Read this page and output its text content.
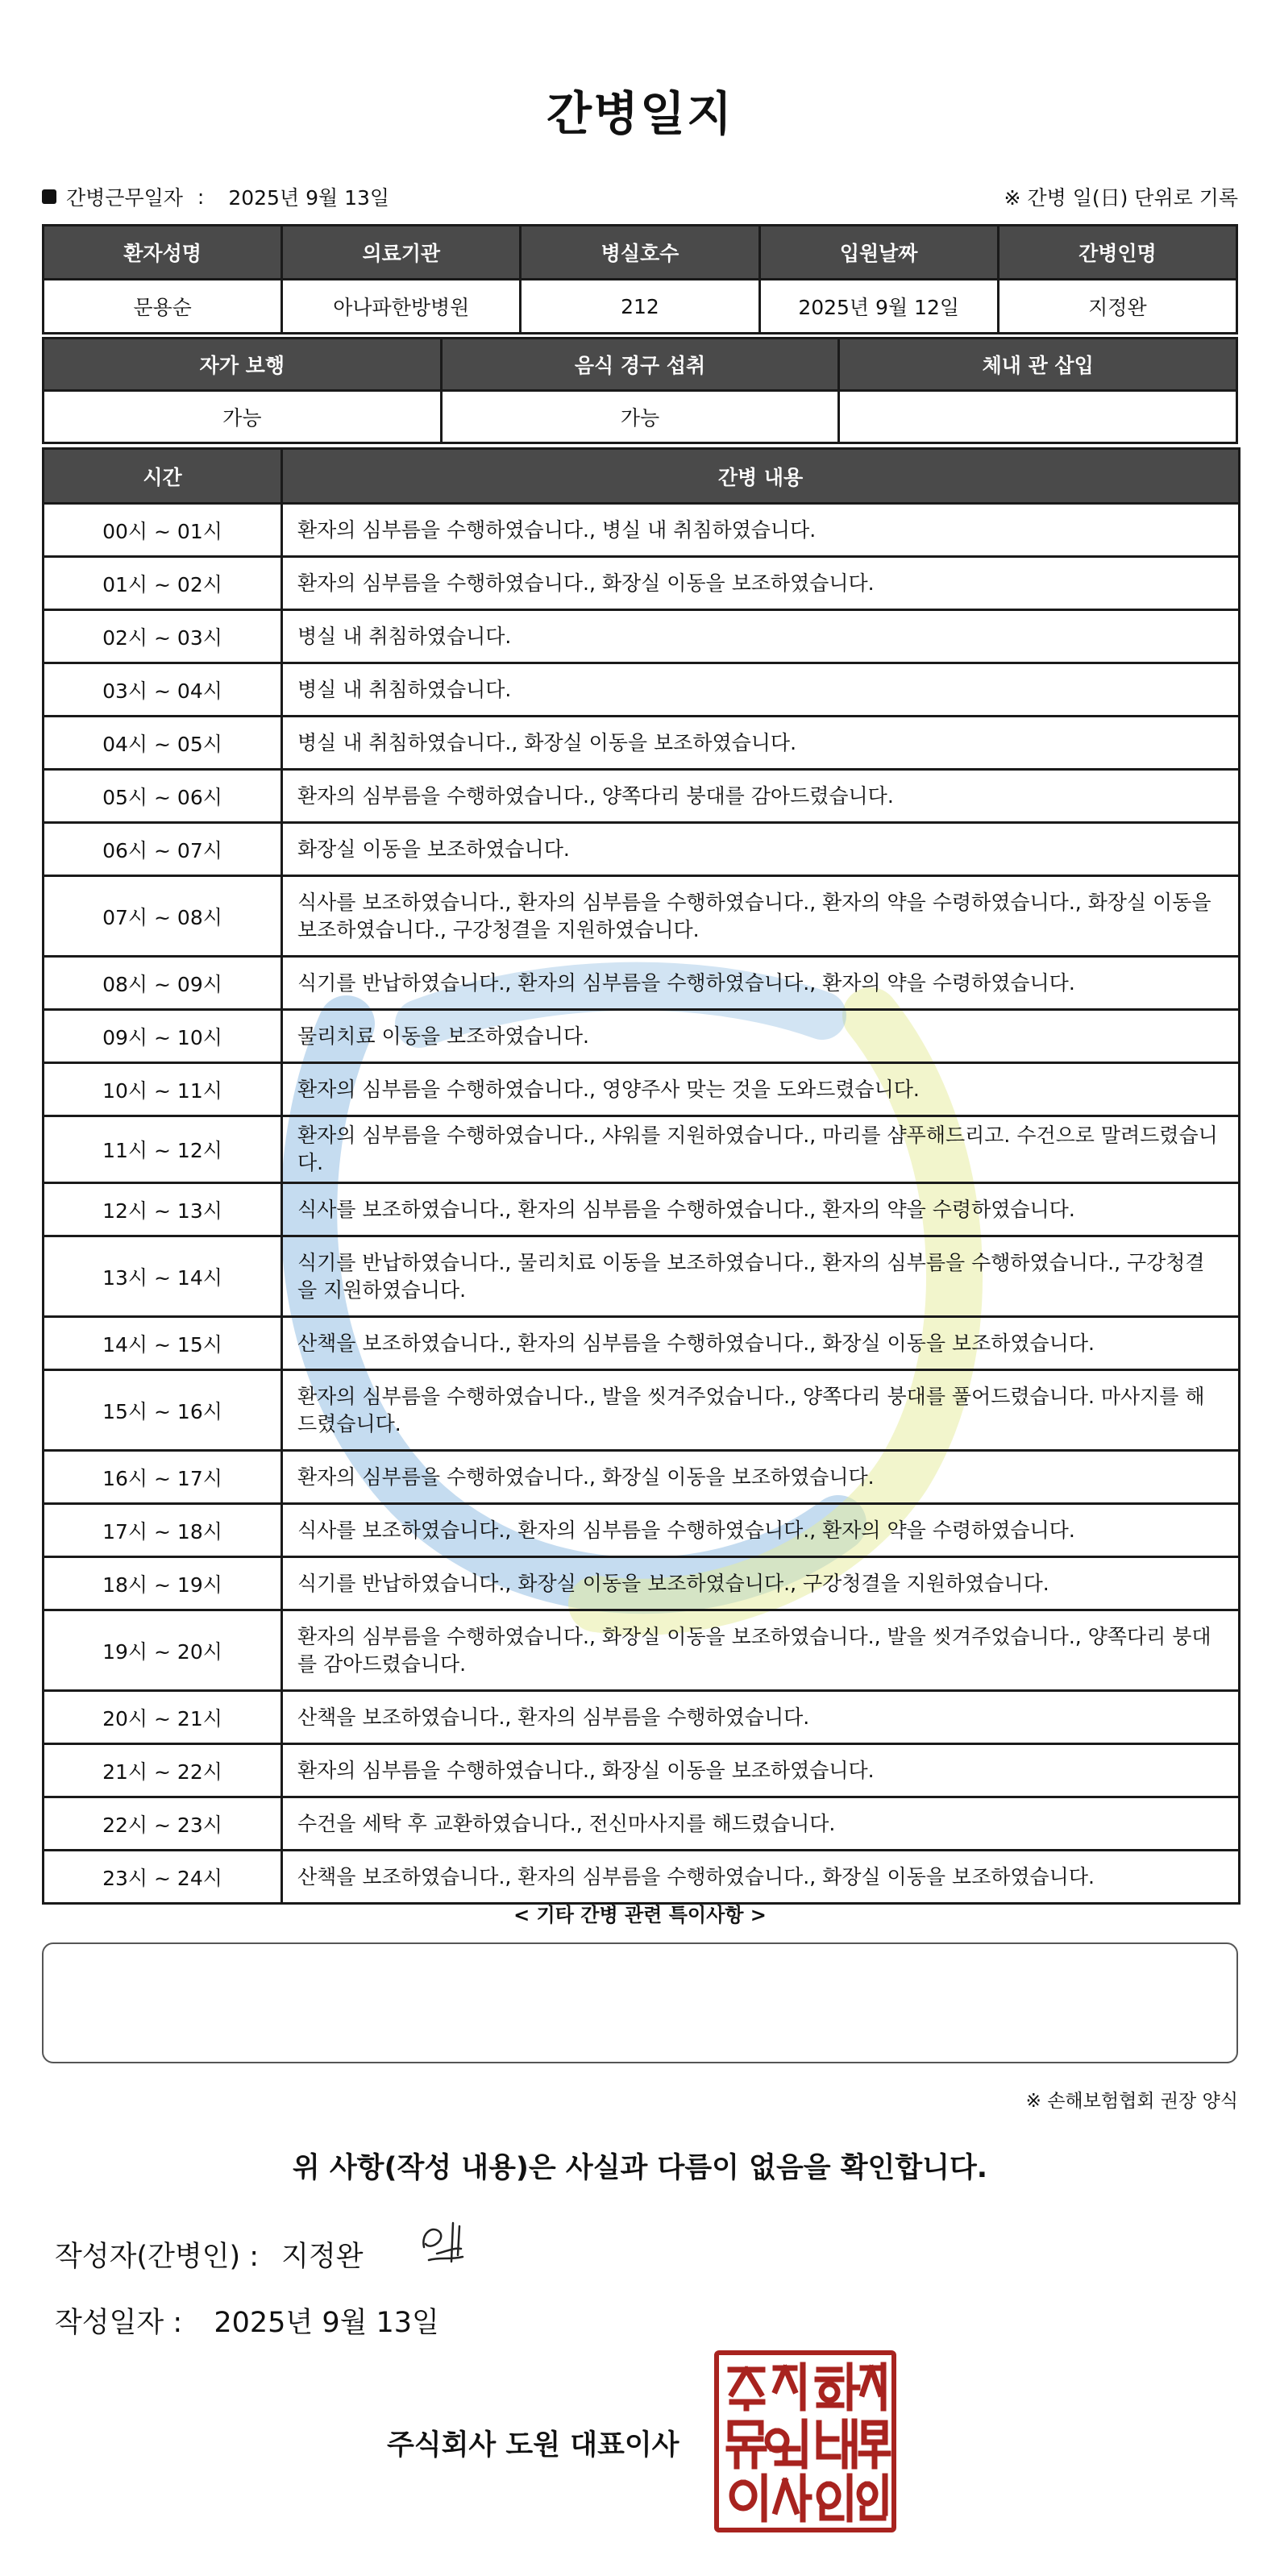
간병일지
간병근무일자 : 2025년 9월 13일	※ 간병 일(日) 단위로 기록
환자성명	의료기관	병실호수	입원날짜	간병인명
문용순	아나파한방병원	212	2025년 9월 12일	지정완
자가 보행	음식 경구 섭취	체내 관 삽입
가능	가능	
시간	간병 내용
00시 ~ 01시	환자의 심부름을 수행하였습니다., 병실 내 취침하였습니다.
01시 ~ 02시	환자의 심부름을 수행하였습니다., 화장실 이동을 보조하였습니다.
02시 ~ 03시	병실 내 취침하였습니다.
03시 ~ 04시	병실 내 취침하였습니다.
04시 ~ 05시	병실 내 취침하였습니다., 화장실 이동을 보조하였습니다.
05시 ~ 06시	환자의 심부름을 수행하였습니다., 양쪽다리 붕대를 감아드렸습니다.
06시 ~ 07시	화장실 이동을 보조하였습니다.
07시 ~ 08시	식사를 보조하였습니다., 환자의 심부름을 수행하였습니다., 환자의 약을 수령하였습니다., 화장실 이동을 보조하였습니다., 구강청결을 지원하였습니다.
08시 ~ 09시	식기를 반납하였습니다., 환자의 심부름을 수행하였습니다., 환자의 약을 수령하였습니다.
09시 ~ 10시	물리치료 이동을 보조하였습니다.
10시 ~ 11시	환자의 심부름을 수행하였습니다., 영양주사 맞는 것을 도와드렸습니다.
11시 ~ 12시	환자의 심부름을 수행하였습니다., 샤워를 지원하였습니다., 마리를 샴푸해드리고. 수건으로 말려드렸습니다.
12시 ~ 13시	식사를 보조하였습니다., 환자의 심부름을 수행하였습니다., 환자의 약을 수령하였습니다.
13시 ~ 14시	식기를 반납하였습니다., 물리치료 이동을 보조하였습니다., 환자의 심부름을 수행하였습니다., 구강청결을 지원하였습니다.
14시 ~ 15시	산책을 보조하였습니다., 환자의 심부름을 수행하였습니다., 화장실 이동을 보조하였습니다.
15시 ~ 16시	환자의 심부름을 수행하였습니다., 발을 씻겨주었습니다., 양쪽다리 붕대를 풀어드렸습니다. 마사지를 해드렸습니다.
16시 ~ 17시	환자의 심부름을 수행하였습니다., 화장실 이동을 보조하였습니다.
17시 ~ 18시	식사를 보조하였습니다., 환자의 심부름을 수행하였습니다., 환자의 약을 수령하였습니다.
18시 ~ 19시	식기를 반납하였습니다., 화장실 이동을 보조하였습니다., 구강청결을 지원하였습니다.
19시 ~ 20시	환자의 심부름을 수행하였습니다., 화장실 이동을 보조하였습니다., 발을 씻겨주었습니다., 양쪽다리 붕대를 감아드렸습니다.
20시 ~ 21시	산책을 보조하였습니다., 환자의 심부름을 수행하였습니다.
21시 ~ 22시	환자의 심부름을 수행하였습니다., 화장실 이동을 보조하였습니다.
22시 ~ 23시	수건을 세탁 후 교환하였습니다., 전신마사지를 해드렸습니다.
23시 ~ 24시	산책을 보조하였습니다., 환자의 심부름을 수행하였습니다., 화장실 이동을 보조하였습니다.
< 기타 간병 관련 특이사항 >
※ 손해보험협회 권장 양식
위 사항(작성 내용)은 사실과 다름이 없음을 확인합니다.
작성자(간병인) : 지정완
작성일자 : 2025년 9월 13일
주식회사 도원 대표이사
